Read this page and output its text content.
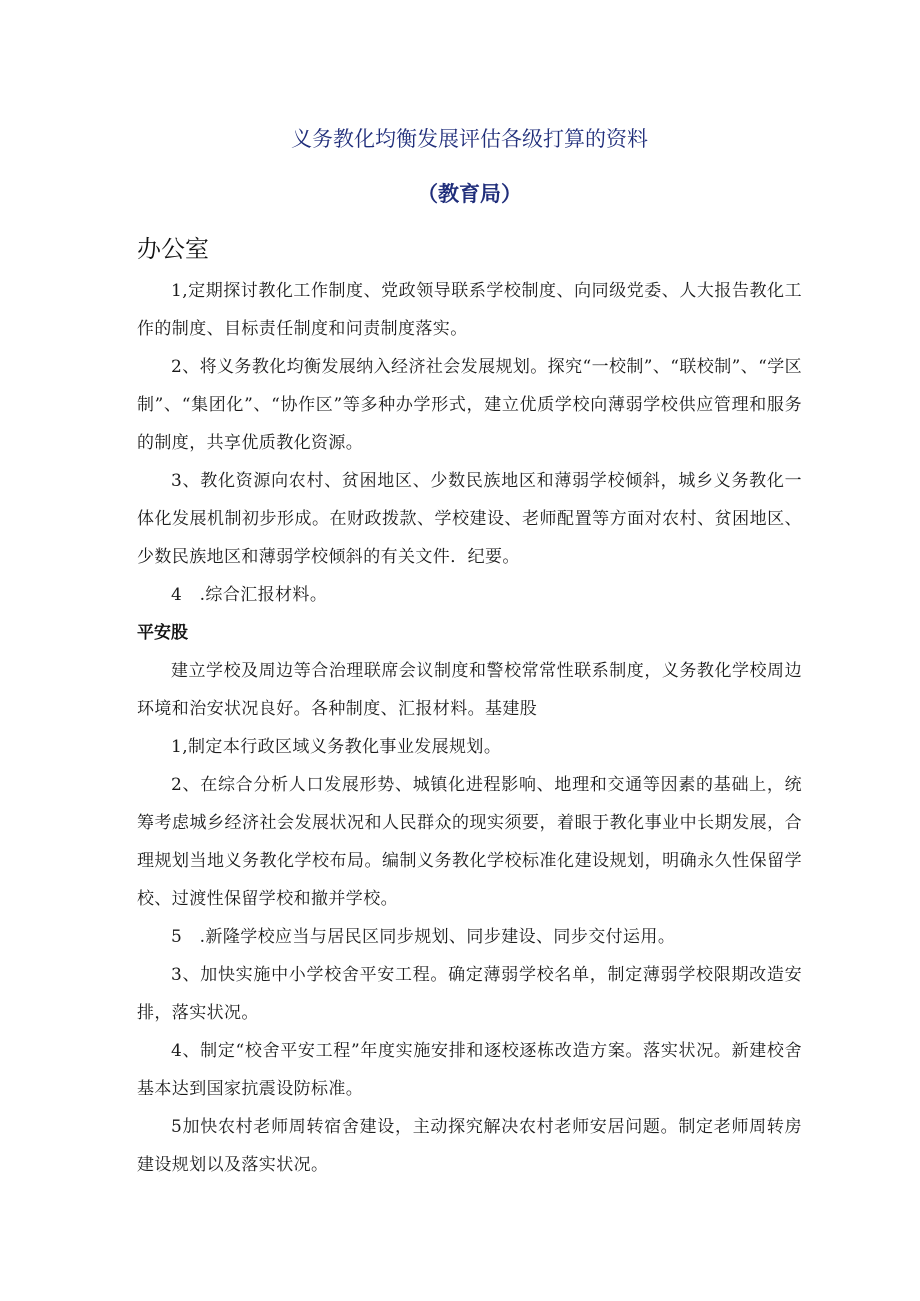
义务教化均衡发展评估各级打算的资料
（教育局）
办公室

1,定期探讨教化工作制度、党政领导联系学校制度、向同级党委、人大报告教化工作的制度、目标责任制度和问责制度落实。

2、将义务教化均衡发展纳入经济社会发展规划。探究“一校制”、“联校制”、“学区制”、“集团化”、“协作区”等多种办学形式，建立优质学校向薄弱学校供应管理和服务的制度，共享优质教化资源。

3、教化资源向农村、贫困地区、少数民族地区和薄弱学校倾斜，城乡义务教化一体化发展机制初步形成。在财政拨款、学校建设、老师配置等方面对农村、贫困地区、少数民族地区和薄弱学校倾斜的有关文件．纪要。

4　.综合汇报材料。

平安股

建立学校及周边等合治理联席会议制度和警校常常性联系制度，义务教化学校周边环境和治安状况良好。各种制度、汇报材料。基建股

1,制定本行政区域义务教化事业发展规划。

2、在综合分析人口发展形势、城镇化进程影响、地理和交通等因素的基础上，统筹考虑城乡经济社会发展状况和人民群众的现实须要，着眼于教化事业中长期发展，合理规划当地义务教化学校布局。编制义务教化学校标准化建设规划，明确永久性保留学校、过渡性保留学校和撤并学校。

5　.新隆学校应当与居民区同步规划、同步建设、同步交付运用。

3、加快实施中小学校舍平安工程。确定薄弱学校名单，制定薄弱学校限期改造安排，落实状况。

4、制定“校舍平安工程”年度实施安排和逐校逐栋改造方案。落实状况。新建校舍基本达到国家抗震设防标准。

5加快农村老师周转宿舍建设，主动探究解决农村老师安居问题。制定老师周转房建设规划以及落实状况。
